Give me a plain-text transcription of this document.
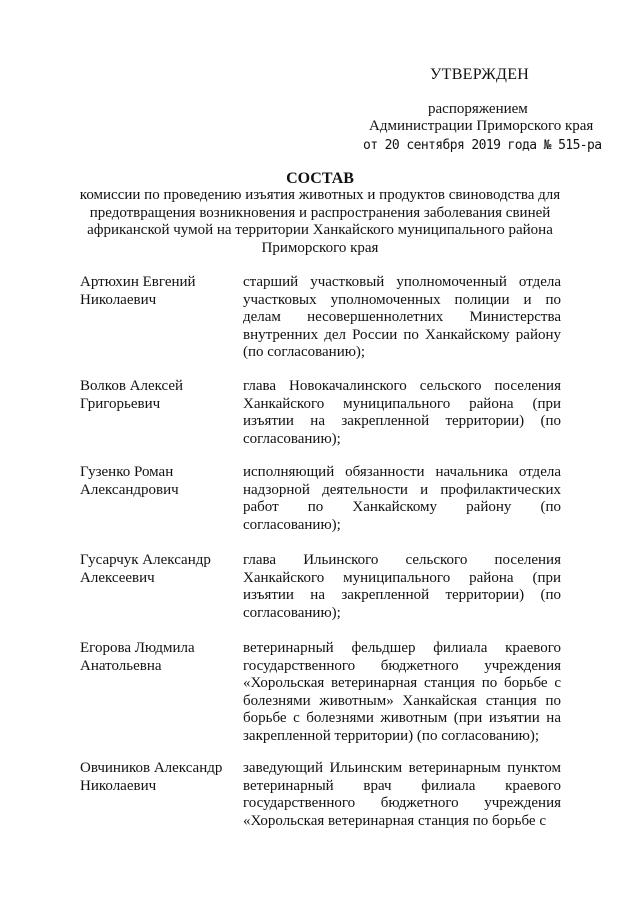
УТВЕРЖДЕН
распоряжением
Администрации Приморского края
от 20 сентября 2019 года № 515-ра
СОСТАВ
комиссии по проведению изъятия животных и продуктов свиноводства для предотвращения возникновения и распространения заболевания свиней африканской чумой на территории Ханкайского муниципального района Приморского края
Артюхин Евгений Николаевич
старший участковый уполномоченный отдела участковых уполномоченных полиции и по делам несовершеннолетних Министерства внутренних дел России по Ханкайскому району (по согласованию);
Волков Алексей Григорьевич
глава Новокачалинского сельского поселения Ханкайского муниципального района (при изъятии на закрепленной территории) (по согласованию);
Гузенко Роман Александрович
исполняющий обязанности начальника отдела надзорной деятельности и профилактических работ по Ханкайскому району (по согласованию);
Гусарчук Александр Алексеевич
глава Ильинского сельского поселения Ханкайского муниципального района (при изъятии на закрепленной территории) (по согласованию);
Егорова Людмила Анатольевна
ветеринарный фельдшер филиала краевого государственного бюджетного учреждения «Хорольская ветеринарная станция по борьбе с болезнями животным» Ханкайская станция по борьбе с болезнями животным (при изъятии на закрепленной территории) (по согласованию);
Овчиников Александр Николаевич
заведующий Ильинским ветеринарным пунктом ветеринарный врач филиала краевого государственного бюджетного учреждения «Хорольская ветеринарная станция по борьбе с
